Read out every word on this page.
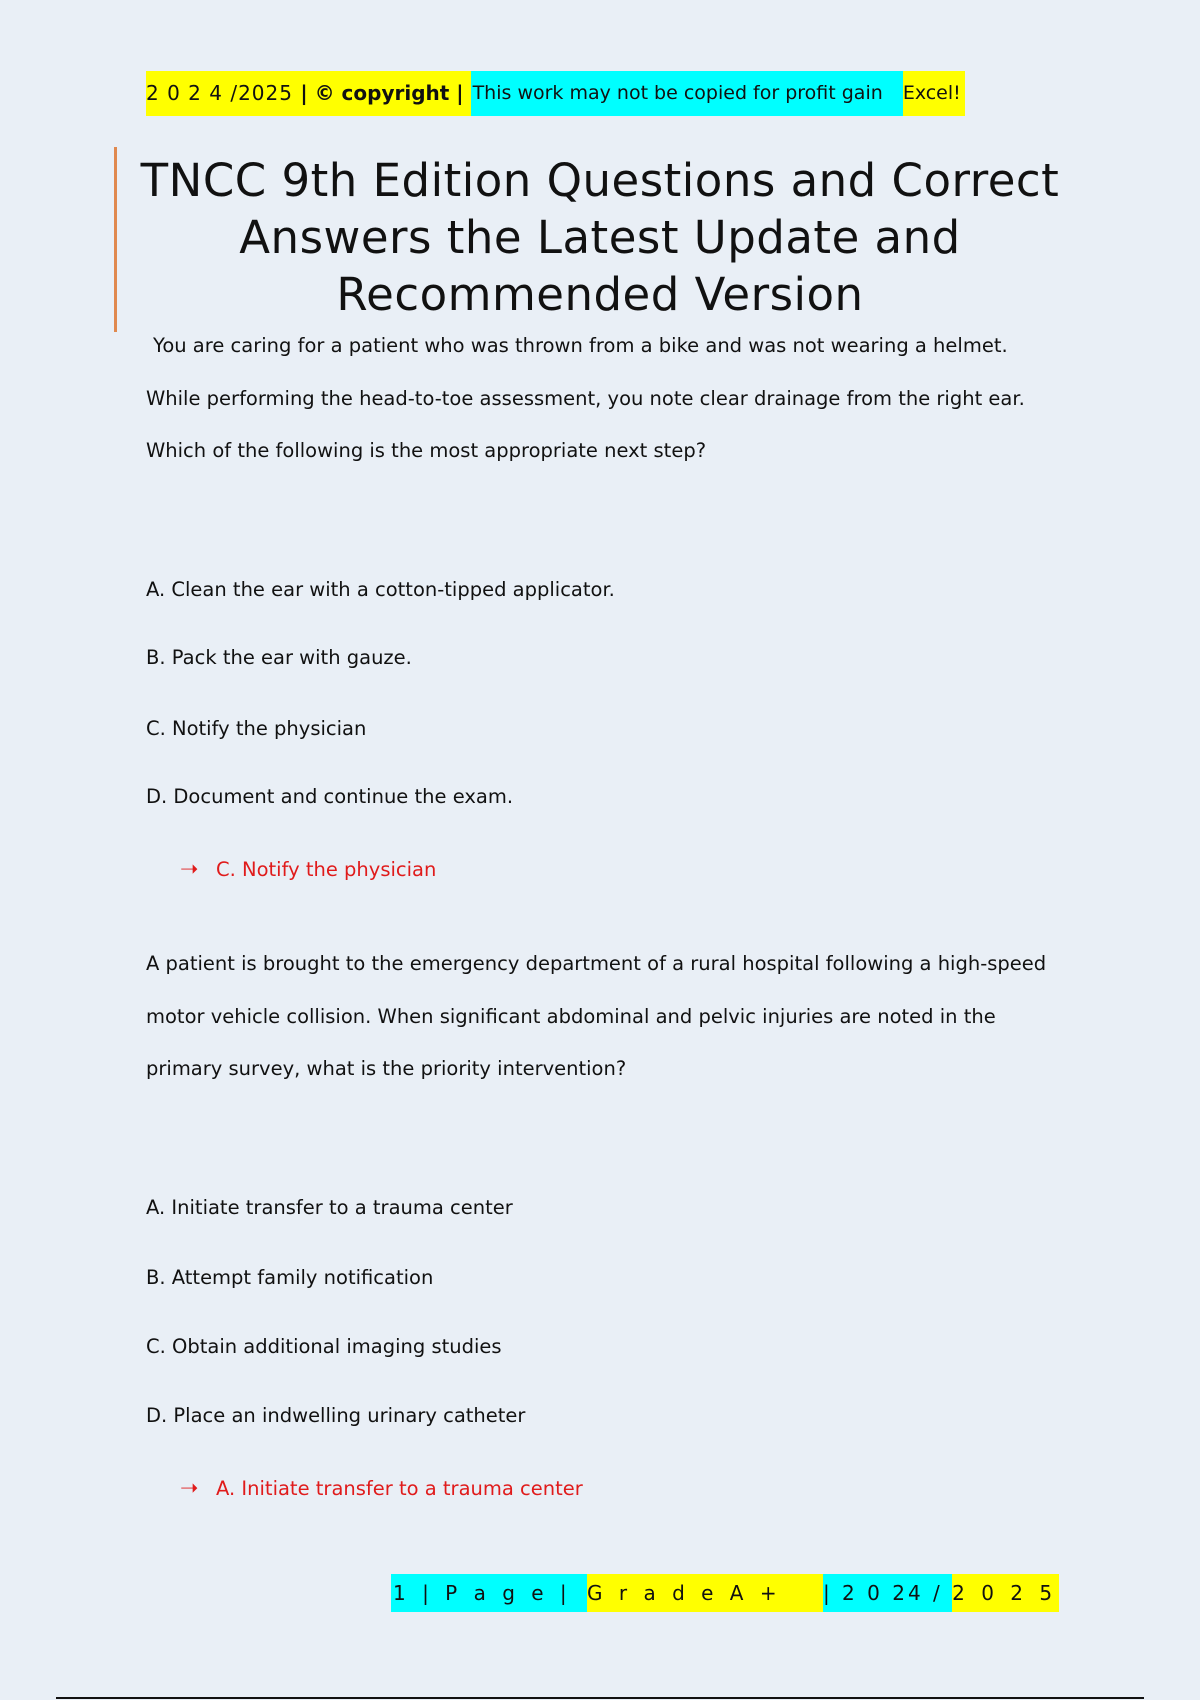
2 0 2 4 /2025 | © copyright | This work may not be copied for profit gain Excel!
TNCC 9th Edition Questions and Correct Answers the Latest Update and Recommended Version

You are caring for a patient who was thrown from a bike and was not wearing a helmet. While performing the head-to-toe assessment, you note clear drainage from the right ear. Which of the following is the most appropriate next step?

A. Clean the ear with a cotton-tipped applicator.

B. Pack the ear with gauze.

C. Notify the physician

D. Document and continue the exam.

➝ C. Notify the physician

A patient is brought to the emergency department of a rural hospital following a high-speed motor vehicle collision. When significant abdominal and pelvic injuries are noted in the primary survey, what is the priority intervention?

A. Initiate transfer to a trauma center

B. Attempt family notification

C. Obtain additional imaging studies

D. Place an indwelling urinary catheter

➝ A. Initiate transfer to a trauma center

1 | P a g e | G r a d e A +	| 2 0 24 / 2 0 2 5
